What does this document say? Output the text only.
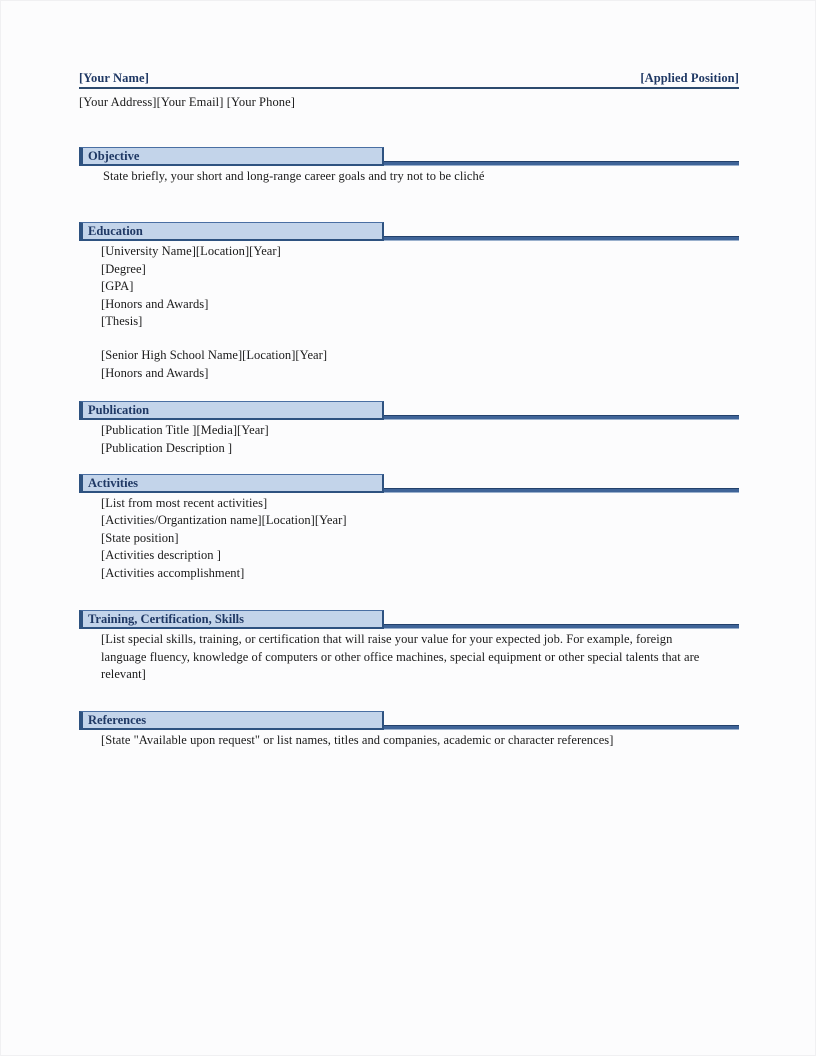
[Your Name]	[Applied Position]
[Your Address][Your Email] [Your Phone]
Objective

State briefly, your short and long-range career goals and try not to be cliché

Education

[University Name][Location][Year]

[Degree]

[GPA]

[Honors and Awards]

[Thesis]

[Senior High School Name][Location][Year]

[Honors and Awards]

Publication

[Publication Title ][Media][Year]

[Publication Description ]

Activities

[List from most recent activities]

[Activities/Organtization name][Location][Year]

[State position]

[Activities description ]

[Activities accomplishment]

Training, Certification, Skills

[List special skills, training, or certification that will raise your value for your expected job. For example, foreign language fluency, knowledge of computers or other office machines, special equipment or other special talents that are relevant]

References

[State "Available upon request" or list names, titles and companies, academic or character references]
